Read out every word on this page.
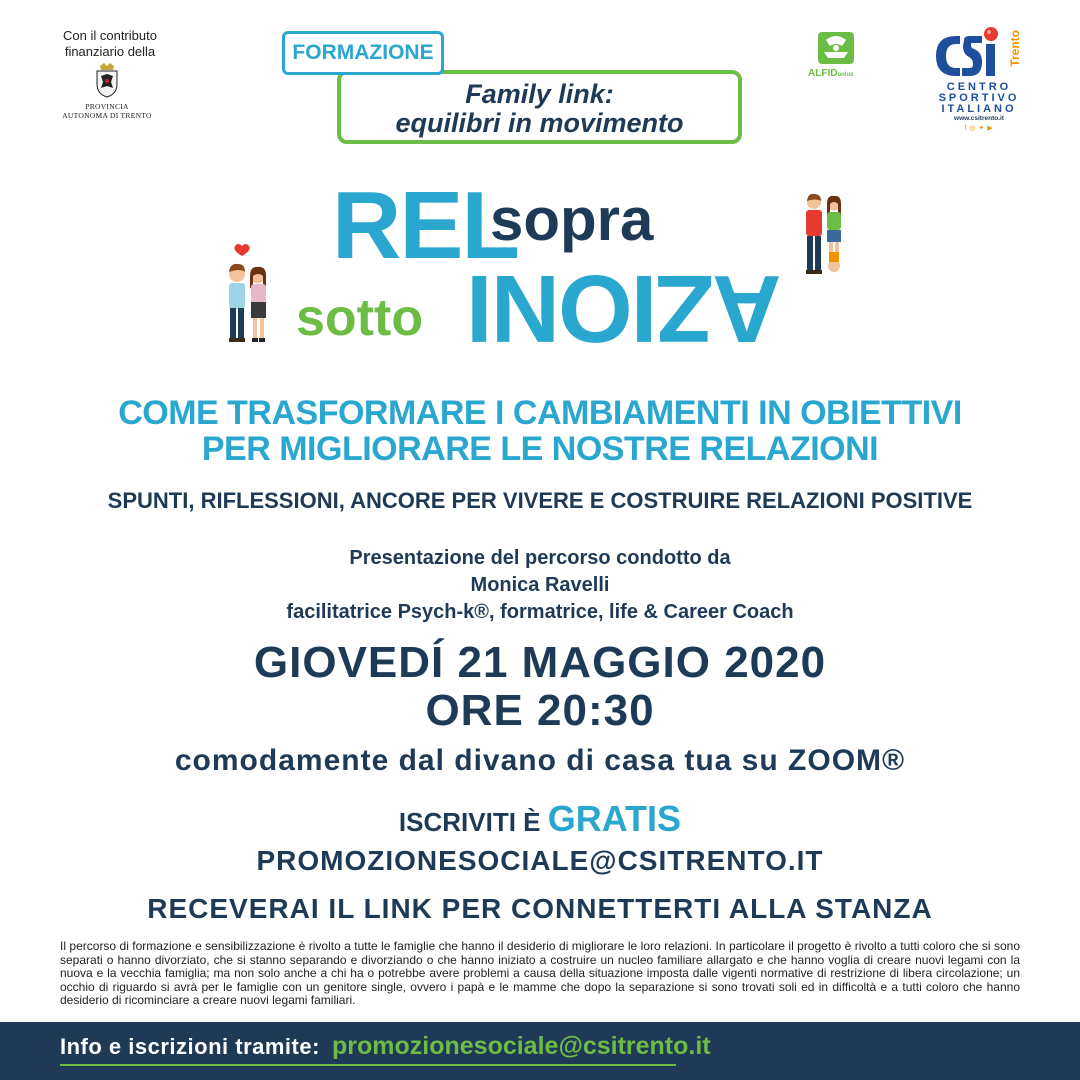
Con il contributo finanziario della
PROVINCIA AUTONOMA DI TRENTO
Family link:
equilibri in movimento
FORMAZIONE
ALFIDonlus
Trento
CENTRO
SPORTIVO
ITALIANO
www.csitrento.it
f◎✦▶
REL
sopra
sotto AZIONI
COME TRASFORMARE I CAMBIAMENTI IN OBIETTIVI
PER MIGLIORARE LE NOSTRE RELAZIONI
SPUNTI, RIFLESSIONI, ANCORE PER VIVERE E COSTRUIRE RELAZIONI POSITIVE
Presentazione del percorso condotto da
Monica Ravelli
facilitatrice Psych-k®, formatrice, life & Career Coach
GIOVEDÍ 21 MAGGIO 2020
ORE 20:30
comodamente dal divano di casa tua su ZOOM®
ISCRIVITI È GRATIS
PROMOZIONESOCIALE@CSITRENTO.IT
RECEVERAI IL LINK PER CONNETTERTI ALLA STANZA
Il percorso di formazione e sensibilizzazione è rivolto a tutte le famiglie che hanno il desiderio di migliorare le loro relazioni. In particolare il progetto è rivolto a tutti coloro che si sono separati o hanno divorziato, che si stanno separando e divorziando o che hanno iniziato a costruire un nucleo familiare allargato e che hanno voglia di creare nuovi legami con la nuova e la vecchia famiglia; ma non solo anche a chi ha o potrebbe avere problemi a causa della situazione imposta dalle vigenti normative di restrizione di libera circolazione; un occhio di riguardo si avrà per le famiglie con un genitore single, ovvero i papà e le mamme che dopo la separazione si sono trovati soli ed in difficoltà e a tutti coloro che hanno desiderio di ricominciare a creare nuovi legami familiari.
Info e iscrizioni tramite: promozionesociale@csitrento.it
